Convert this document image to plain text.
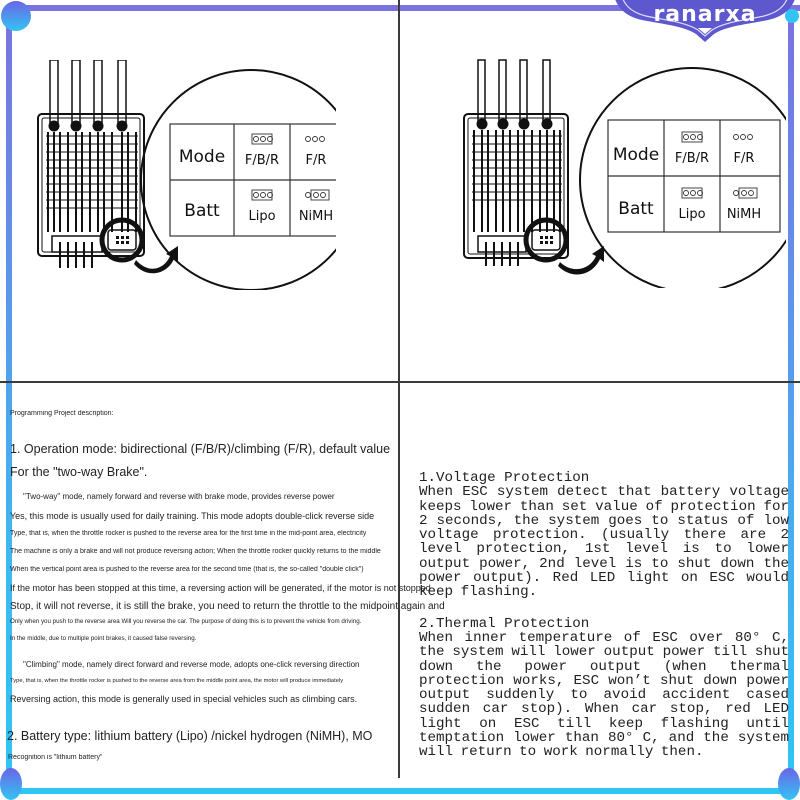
ranarxa
Mode
Batt
F/B/R F/R
Lipo NiMH
Mode
Batt
F/B/R F/R
Lipo NiMH
Programming Project description:
1. Operation mode: bidirectional (F/B/R)/climbing (F/R), default value
For the "two-way Brake".
"Two-way" mode, namely forward and reverse with brake mode, provides reverse power
Yes, this mode is usually used for daily training. This mode adopts double-click reverse side
Type, that is, when the throttle rocker is pushed to the reverse area for the first time in the mid-point area, electricity
The machine is only a brake and will not produce reversing action; When the throttle rocker quickly returns to the middle
When the vertical point area is pushed to the reverse area for the second time (that is, the so-called "double click")
If the motor has been stopped at this time, a reversing action will be generated, if the motor is not stopped
Stop, it will not reverse, it is still the brake, you need to return the throttle to the midpoint again and
Only when you push to the reverse area Will you reverse the car. The purpose of doing this is to prevent the vehicle from driving.
In the middle, due to multiple point brakes, it caused false reversing.
"Climbing" mode, namely direct forward and reverse mode, adopts one-click reversing direction
Type, that is, when the throttle rocker is pushed to the reverse area from the middle point area, the motor will produce immediately
Reversing action, this mode is generally used in special vehicles such as climbing cars.
2. Battery type: lithium battery (Lipo) /nickel hydrogen (NiMH), MO
Recognition is "lithium battery"
1.Voltage Protection
When ESC system detect that battery voltage keeps lower than set value of protection for 2 seconds, the system goes to status of low voltage protection. (usually there are 2 level protection, 1st level is to lower output power, 2nd level is to shut down the power output). Red LED light on ESC would keep flashing.
2.Thermal Protection
When inner temperature of ESC over 80° C, the system will lower output power till shut down the power output (when thermal protection works, ESC won’t shut down power output suddenly to avoid accident cased sudden car stop). When car stop, red LED light on ESC till keep flashing until temptation lower than 80° C, and the system will return to work normally then.
